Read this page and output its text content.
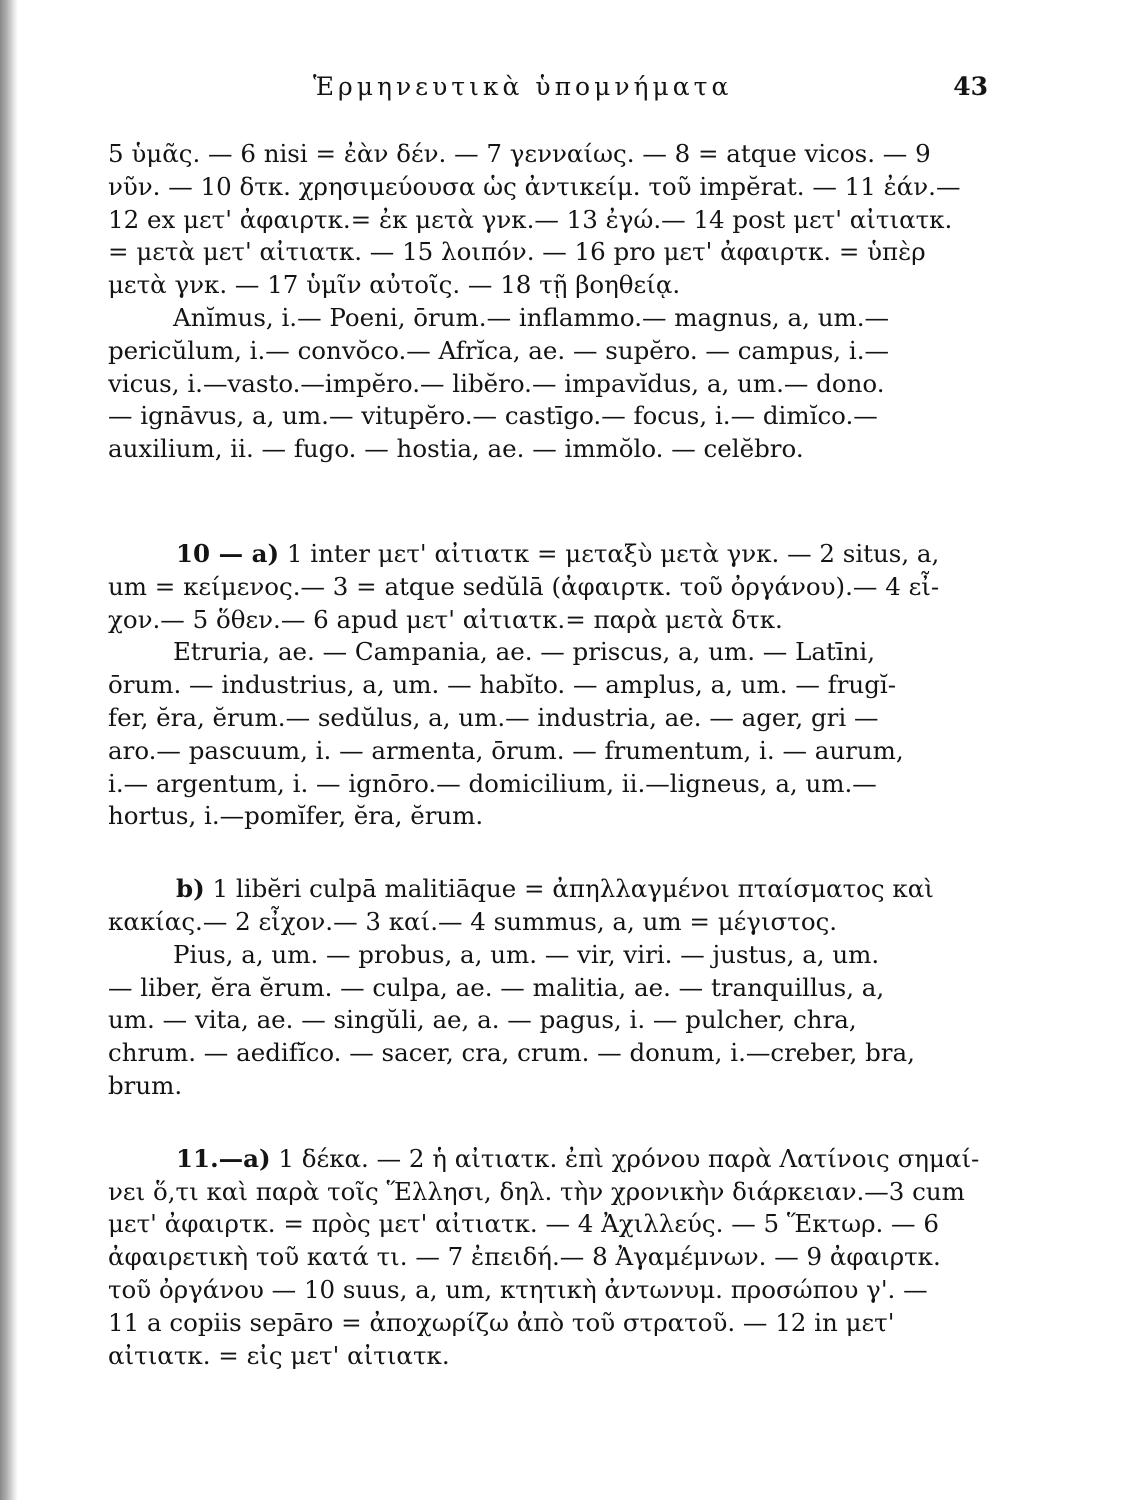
Ἑρμηνευτικὰ ὑπομνήματα	43
5 ὑμᾶς. — 6 nisi = ἐὰν δέν. — 7 γενναίως. — 8 = atque vicos. — 9
νῦν. — 10 δτκ. χρησιμεύουσα ὡς ἀντικείμ. τοῦ impĕrat. — 11 ἐάν.—
12 ex μετ' ἀφαιρτκ.= ἐκ μετὰ γνκ.— 13 ἐγώ.— 14 post μετ' αἰτιατκ.
= μετὰ μετ' αἰτιατκ. — 15 λοιπόν. — 16 pro μετ' ἀφαιρτκ. = ὑπὲρ
μετὰ γνκ. — 17 ὑμῖν αὐτοῖς. — 18 τῇ βοηθείᾳ.
Anĭmus, i.— Poeni, ōrum.— inflammo.— magnus, a, um.—
pericŭlum, i.— convŏco.— Afrĭca, ae. — supĕro. — campus, i.—
vicus, i.—vasto.—impĕro.— libĕro.— impavĭdus, a, um.— dono.
— ignāvus, a, um.— vitupĕro.— castīgo.— focus, i.— dimĭco.—
auxilium, ii. — fugo. — hostia, ae. — immŏlo. — celĕbro.
10 — a) 1 inter μετ' αἰτιατκ = μεταξὺ μετὰ γνκ. — 2 situs, a,
um = κείμενος.— 3 = atque sedŭlā (ἀφαιρτκ. τοῦ ὀργάνου).— 4 εἶ-
χον.— 5 ὅθεν.— 6 apud μετ' αἰτιατκ.= παρὰ μετὰ δτκ.
Etruria, ae. — Campania, ae. — priscus, a, um. — Latīni,
ōrum. — industrius, a, um. — habĭto. — amplus, a, um. — frugĭ-
fer, ĕra, ĕrum.— sedŭlus, a, um.— industria, ae. — ager, gri —
aro.— pascuum, i. — armenta, ōrum. — frumentum, i. — aurum,
i.— argentum, i. — ignōro.— domicilium, ii.—ligneus, a, um.—
hortus, i.—pomĭfer, ĕra, ĕrum.
b) 1 libĕri culpā malitiāque = ἀπηλλαγμένοι πταίσματος καὶ
κακίας.— 2 εἶχον.— 3 καί.— 4 summus, a, um = μέγιστος.
Pius, a, um. — probus, a, um. — vir, viri. — justus, a, um.
— liber, ĕra ĕrum. — culpa, ae. — malitia, ae. — tranquillus, a,
um. — vita, ae. — singŭli, ae, a. — pagus, i. — pulcher, chra,
chrum. — aedifĭco. — sacer, cra, crum. — donum, i.—creber, bra,
brum.
11.—a) 1 δέκα. — 2 ἡ αἰτιατκ. ἐπὶ χρόνου παρὰ Λατίνοις σημαί-
νει ὅ,τι καὶ παρὰ τοῖς Ἕλλησι, δηλ. τὴν χρονικὴν διάρκειαν.—3 cum
μετ' ἀφαιρτκ. = πρὸς μετ' αἰτιατκ. — 4 Ἀχιλλεύς. — 5 Ἕκτωρ. — 6
ἀφαιρετικὴ τοῦ κατά τι. — 7 ἐπειδή.— 8 Ἀγαμέμνων. — 9 ἀφαιρτκ.
τοῦ ὀργάνου — 10 suus, a, um, κτητικὴ ἀντωνυμ. προσώπου γ'. —
11 a copiis sepāro = ἀποχωρίζω ἀπὸ τοῦ στρατοῦ. — 12 in μετ'
αἰτιατκ. = εἰς μετ' αἰτιατκ.
